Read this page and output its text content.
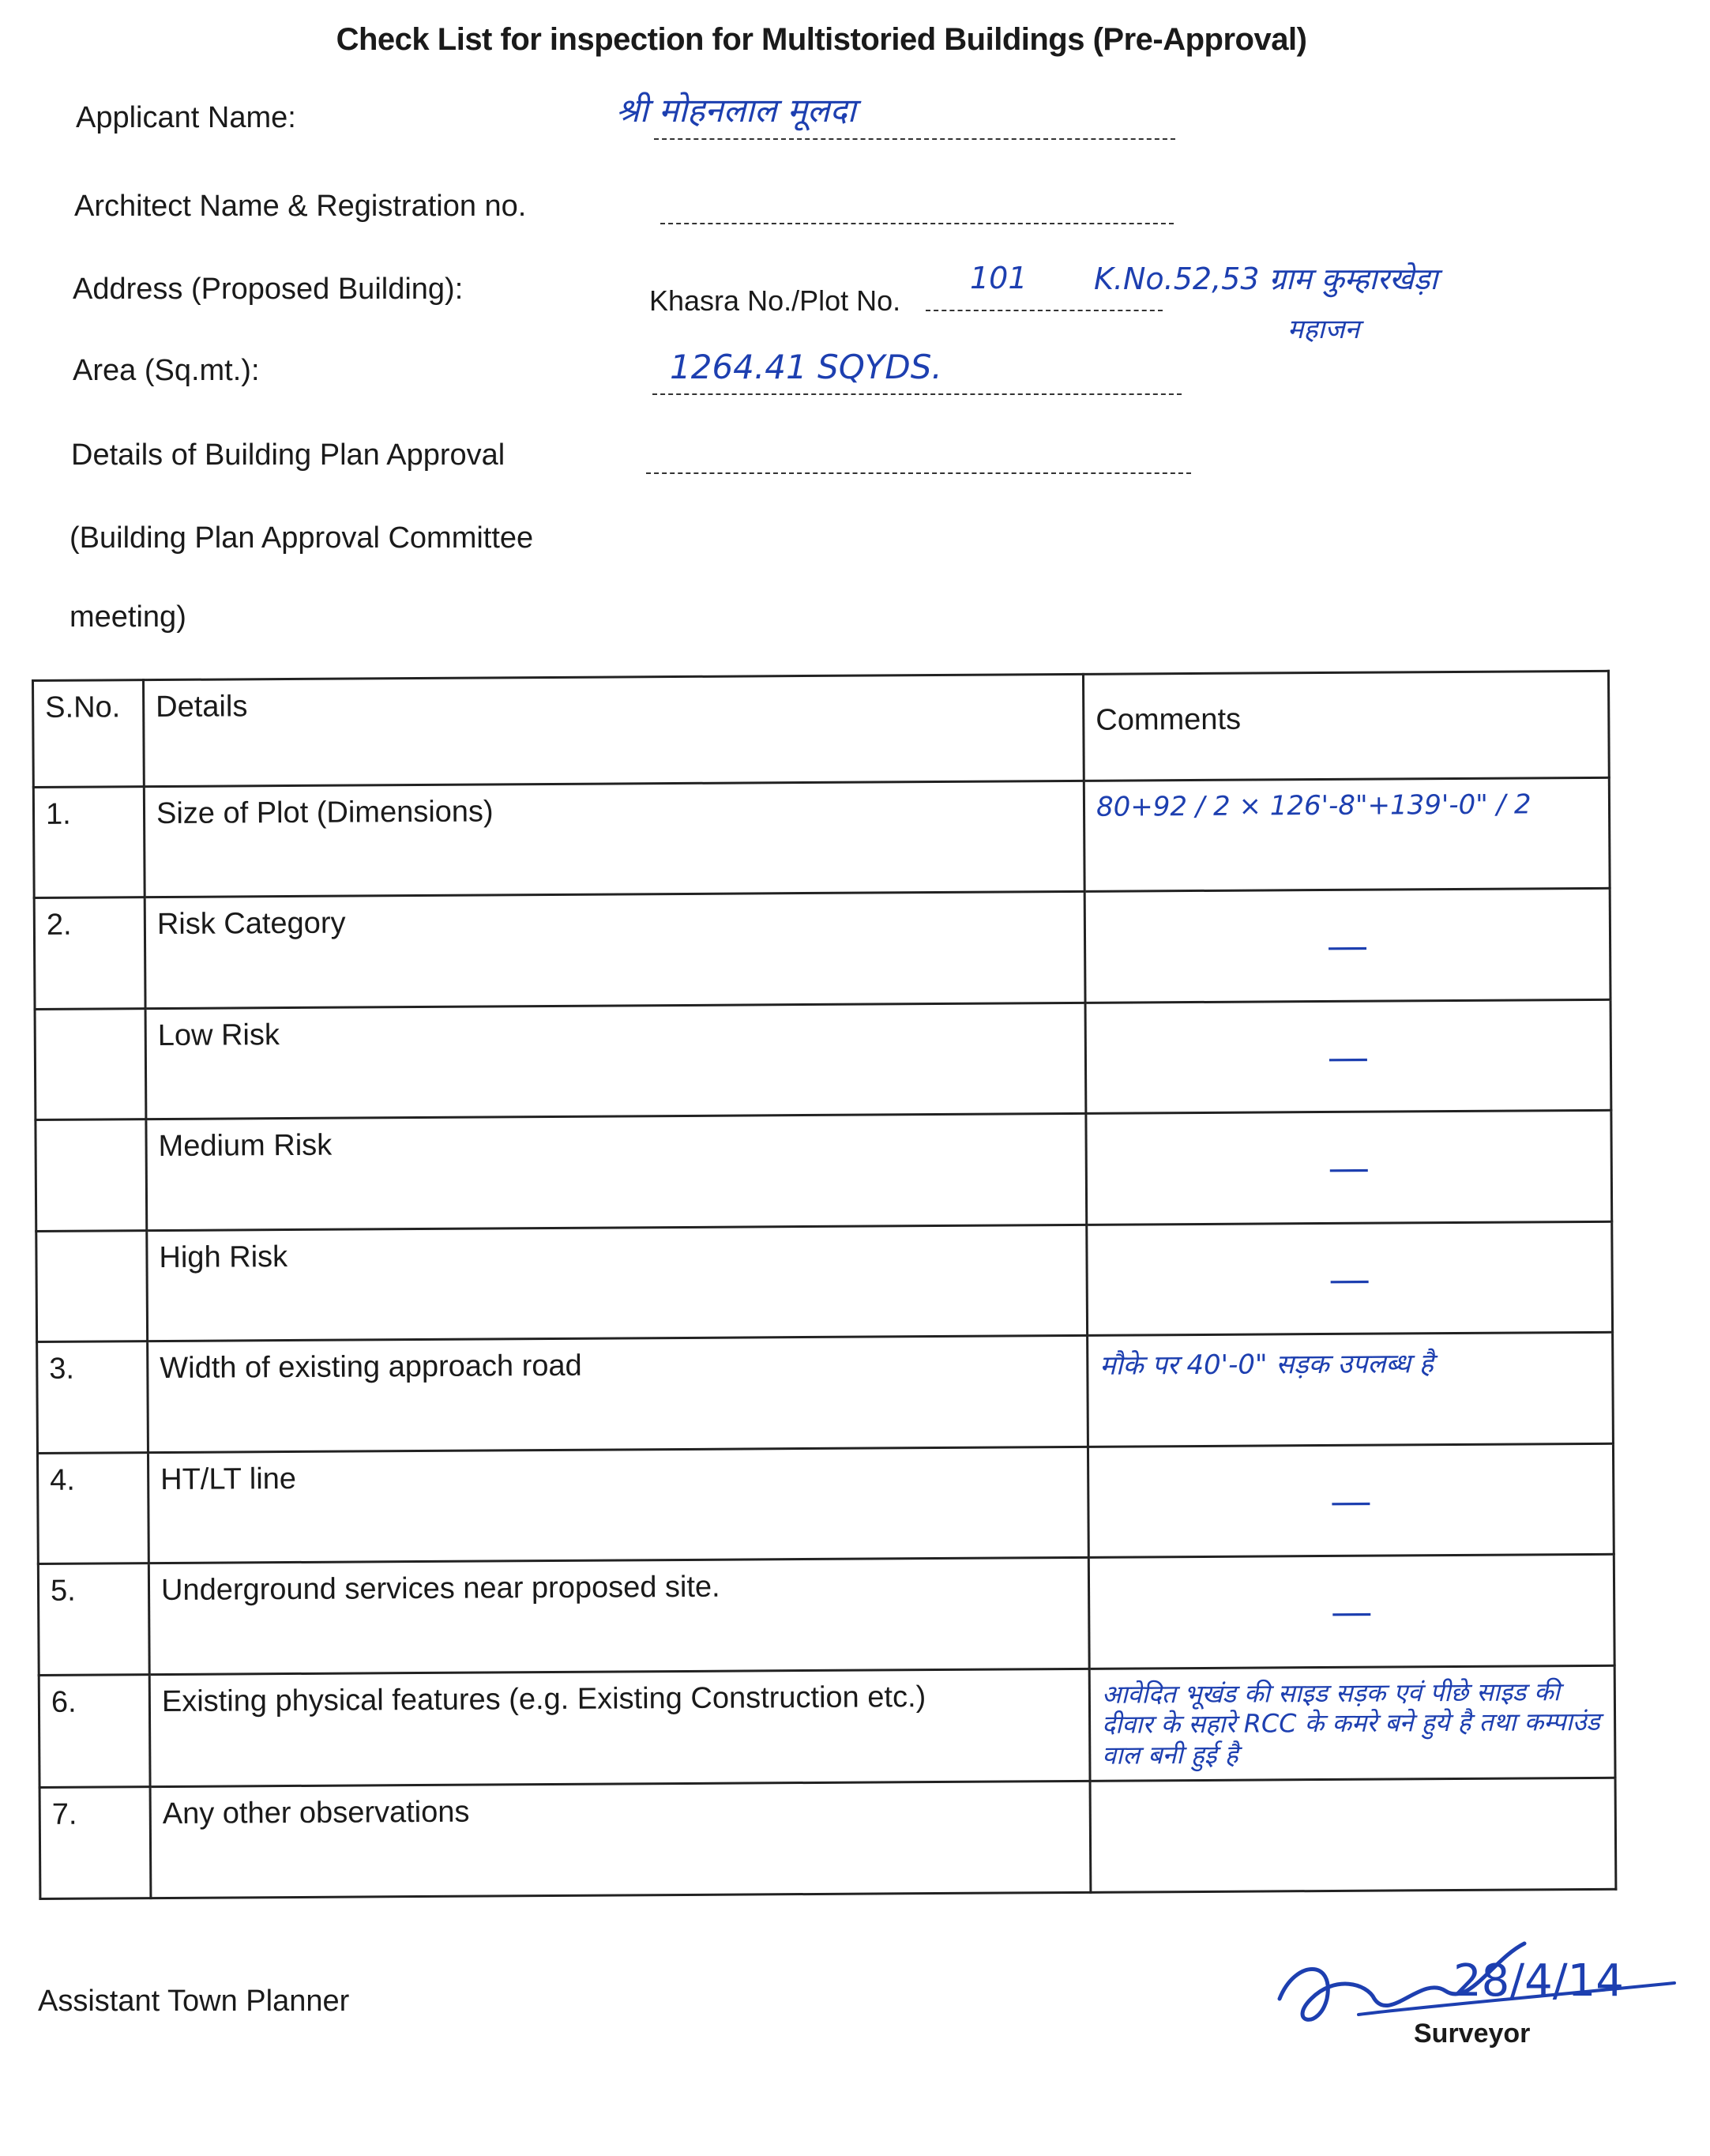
Check List for inspection for Multistoried Buildings (Pre-Approval)
Applicant Name:	श्री मोहनलाल मूलदा
Architect Name & Registration no.
Address (Proposed Building):	Khasra No./Plot No.
101 K.No.52,53 ग्राम कुम्हारखेड़ा
महाजन
Area (Sq.mt.):	1264.41 SQYDS.
Details of Building Plan Approval
(Building Plan Approval Committee
meeting)
S.No.	Details	Comments
1.	Size of Plot (Dimensions)	80+92 / 2 × 126'-8"+139'-0" / 2
2.	Risk Category	—

	Low Risk	—

	Medium Risk	—

	High Risk	—

3.	Width of existing approach road	मौके पर 40'-0" सड़क उपलब्ध है
4.	HT/LT line	—

5.	Underground services near proposed site.	—

6.	Existing physical features (e.g. Existing Construction etc.)	आवेदित भूखंड की साइड सड़क एवं पीछे साइड की दीवार के सहारे RCC के कमरे बने हुये है तथा कम्पाउंड वाल बनी हुई है
7.	Any other observations	
Assistant Town Planner	28/4/14
Surveyor
